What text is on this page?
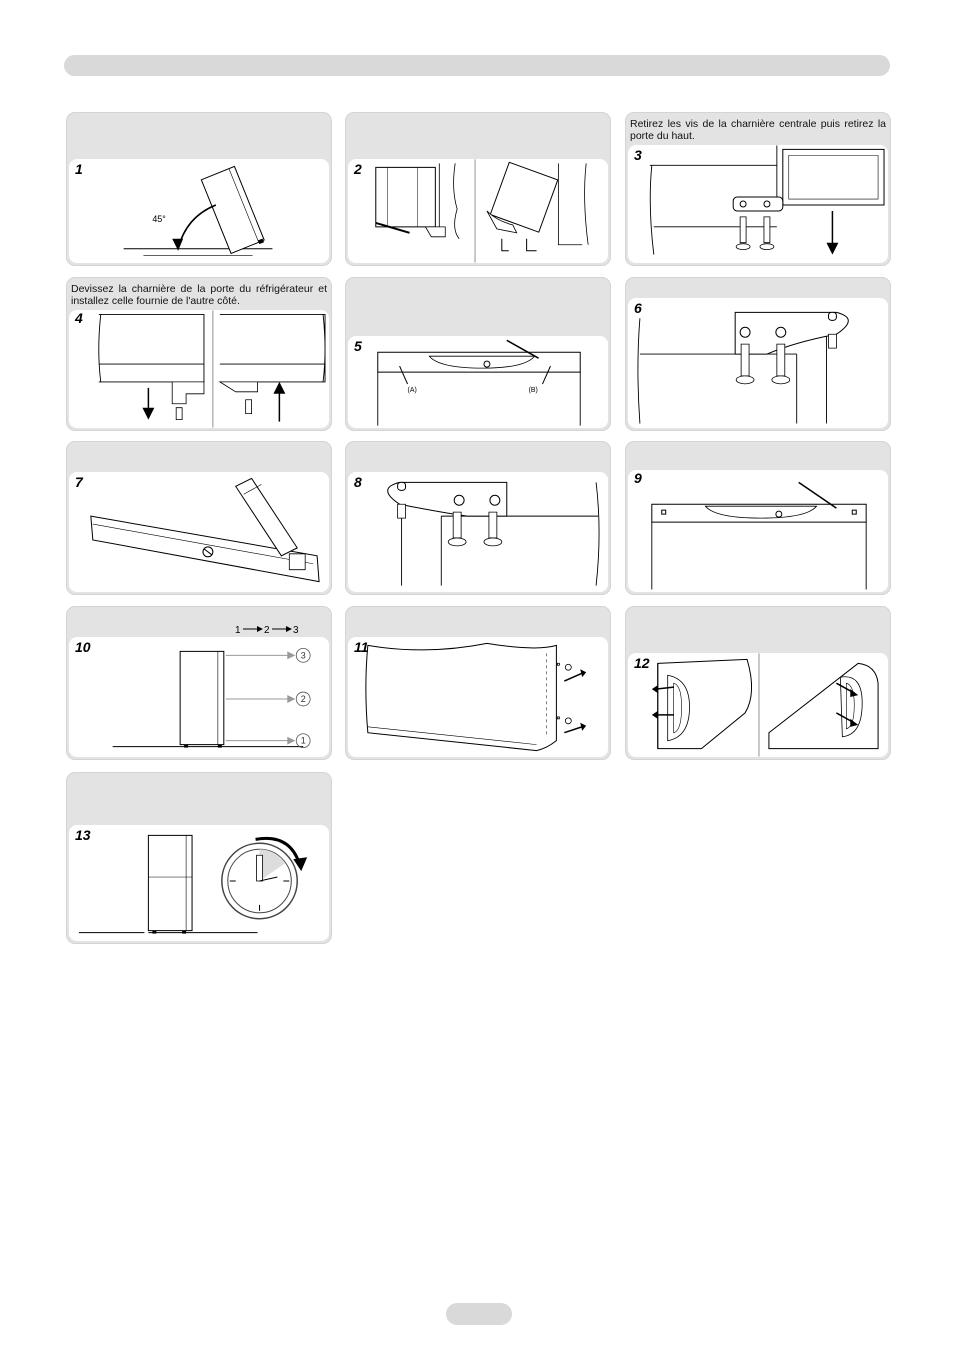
1
45°
2
Retirez les vis de la charnière centrale puis retirez la porte du haut.
3
Devissez la charnière de la porte du réfrigérateur et installez celle fournie de l'autre côté.
4
5
(A)	(B)
6
7	8	9
10
3
2
1
1 2 3
11
12
13
